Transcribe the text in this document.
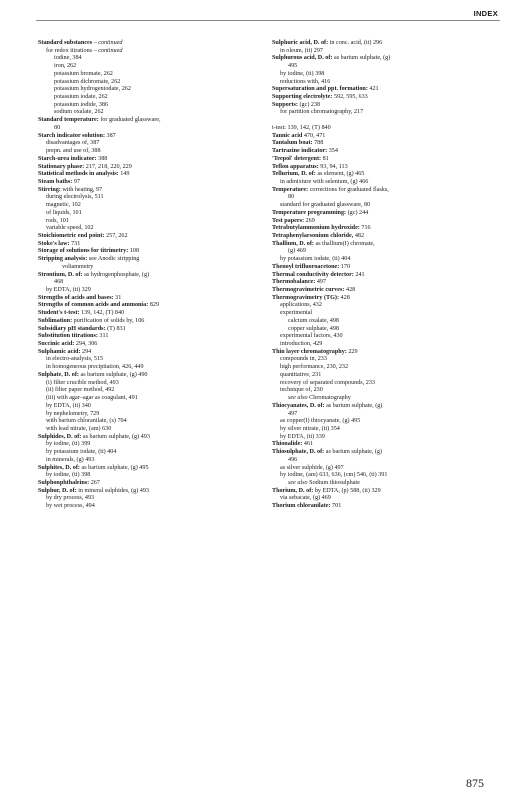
INDEX
Standard substances – continued
for redox titrations – continued
iodine, 384
iron, 262
potassium bromate, 262
potassium dichromate, 262
potassium hydrogeniodate, 262
potassium iodate, 262
potassium iodide, 386
sodium oxalate, 262
Standard temperature: for graduated glassware,
80
Starch indicator solution: 387
disadvantages of, 387
prepn. and use of, 388
Starch-urea indicator: 388
Stationary phase: 217, 218, 220, 229
Statistical methods in analysis: 149
Steam baths: 97
Stirring: with heating, 97
during electrolysis, 511
magnetic, 102
of liquids, 101
rods, 101
variable speed, 102
Stoichiometric end point: 257, 262
Stoke's law: 731
Storage of solutions for titrimetry: 108
Stripping analysis: see Anodic stripping
voltammetry
Strontium, D. of: as hydrogenphosphate, (g)
468
by EDTA, (ti) 329
Strengths of acids and bases: 31
Strengths of common acids and ammonia: 829
Student's t-test: 139, 142, (T) 840
Sublimation: purification of solids by, 106
Subsidiary pH standards: (T) 831
Substitution titrations: 311
Succinic acid: 294, 306
Sulphamic acid: 294
in electro-analysis, 515
in homogeneous precipitation, 426, 449
Sulphate, D. of: as barium sulphate, (g) 490
(i) filter crucible method, 493
(ii) filter paper method, 492
(iii) with agar–agar as coagulant, 491
by EDTA, (ti) 340
by nephelometry, 729
with barium chloranilate, (s) 704
with lead nitrate, (am) 630
Sulphides, D. of: as barium sulphate, (g) 493
by iodine, (ti) 399
by potassium iodate, (ti) 404
in minerals, (g) 493
Sulphites, D. of: as barium sulphate, (g) 495
by iodine, (ti) 398
Sulphonphthaleins: 267
Sulphur, D. of: in mineral sulphides, (g) 493
by dry process, 493
by wet process, 494
Sulphuric acid, D. of: in conc. acid, (ti) 296
in oleum, (ti) 297
Sulphurous acid, D. of: as barium sulphate, (g)
495
by iodine, (ti) 398
reductions with, 416
Supersaturation and ppt. formation: 421
Supporting electrolyte: 592, 595, 633
Supports: (gc) 238
for partition chromatography, 217
t-test: 139, 142, (T) 840
Tannic acid 470, 471
Tantalum boat: 788
Tartrazine indicator: 354
'Teepol' detergent: 81
Teflon apparatus: 93, 94, 113
Tellurium, D. of: as element, (g) 465
in admixture with selenium, (g) 466
Temperature: corrections for graduated flasks,
80
standard for graduated glassware, 80
Temperature programming: (gc) 244
Test papers: 269
Tetrabutylammonium hydroxide: 716
Tetraphenylarsonium chloride, 482
Thallium, D. of: as thallium(I) chromate,
(g) 469
by potassium iodate, (ti) 404
Thenoyl trifluoroacetone: 170
Thermal conductivity detector: 241
Thermobalance: 497
Thermogravimetric curves: 428
Thermogravimetry (TG): 428
applications, 432
experimental
calcium oxalate, 498
copper sulphate, 498
experimental factors, 430
introduction, 429
Thin layer chromatography: 229
compounds in, 233
high performance, 230, 232
quantitative, 231
recovery of separated compounds, 233
technique of, 230
see also Chromatography
Thiocyanates, D. of: as barium sulphate, (g)
497
as copper(I) thiocyanate, (g) 495
by silver nitrate, (ti) 354
by EDTA, (ti) 339
Thionalide: 461
Thiosulphate, D. of: as barium sulphate, (g)
496
as silver sulphide, (g) 497
by iodine, (am) 633, 636, (cm) 546, (ti) 391
see also Sodium thiosulphate
Thorium, D. of: by EDTA, (p) 588, (ti) 329
via sebacate, (g) 469
Thorium chloranilate: 701
875
